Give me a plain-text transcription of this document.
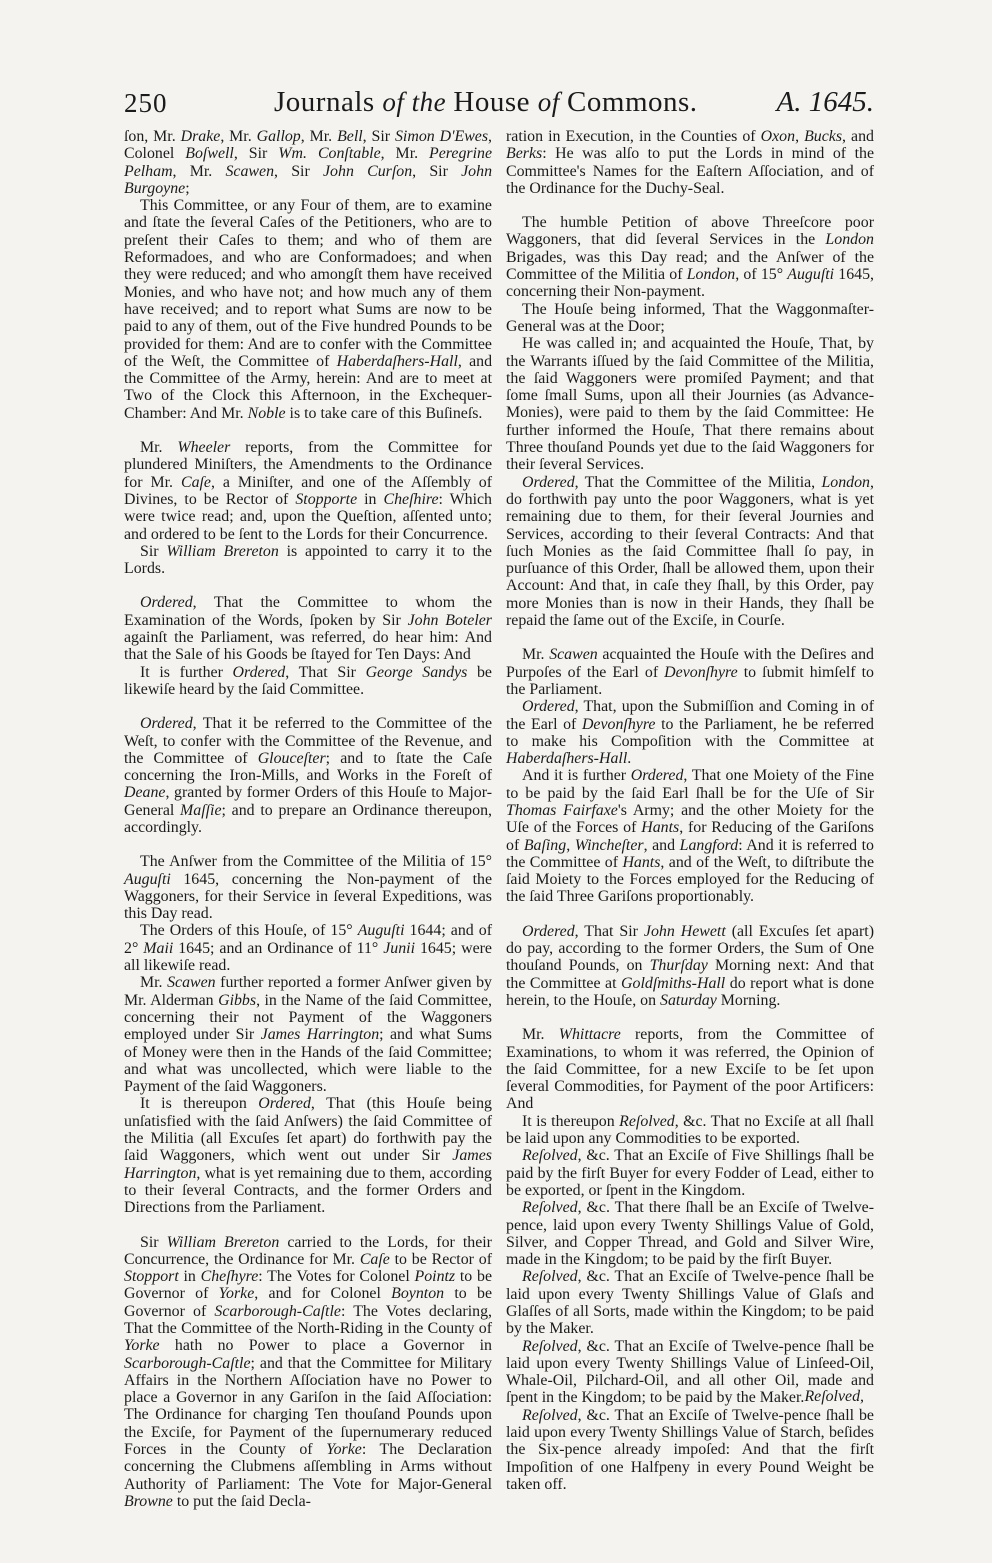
250	Journals of the House of Commons.	A. 1645.

ſon, Mr. Drake, Mr. Gallop, Mr. Bell, Sir Simon D'Ewes, Colonel Boſwell, Sir Wm. Conſtable, Mr. Peregrine Pelham, Mr. Scawen, Sir John Curſon, Sir John Burgoyne;

This Committee, or any Four of them, are to examine and ſtate the ſeveral Caſes of the Petitioners, who are to preſent their Caſes to them; and who of them are Reformadoes, and who are Conformadoes; and when they were reduced; and who amongſt them have received Monies, and who have not; and how much any of them have received; and to report what Sums are now to be paid to any of them, out of the Five hundred Pounds to be provided for them: And are to confer with the Committee of the Weſt, the Committee of Haberdaſhers-Hall, and the Committee of the Army, herein: And are to meet at Two of the Clock this Afternoon, in the Exchequer-Chamber: And Mr. Noble is to take care of this Buſineſs.

Mr. Wheeler reports, from the Committee for plundered Miniſters, the Amendments to the Ordinance for Mr. Caſe, a Miniſter, and one of the Aſſembly of Divines, to be Rector of Stopporte in Cheſhire: Which were twice read; and, upon the Queſtion, aſſented unto; and ordered to be ſent to the Lords for their Concurrence.

Sir William Brereton is appointed to carry it to the Lords.

Ordered, That the Committee to whom the Examination of the Words, ſpoken by Sir John Boteler againſt the Parliament, was referred, do hear him: And that the Sale of his Goods be ſtayed for Ten Days: And

It is further Ordered, That Sir George Sandys be likewiſe heard by the ſaid Committee.

Ordered, That it be referred to the Committee of the Weſt, to confer with the Committee of the Revenue, and the Committee of Glouceſter; and to ſtate the Caſe concerning the Iron-Mills, and Works in the Foreſt of Deane, granted by former Orders of this Houſe to Major-General Maſſie; and to prepare an Ordinance thereupon, accordingly.

The Anſwer from the Committee of the Militia of 15° Auguſti 1645, concerning the Non-payment of the Waggoners, for their Service in ſeveral Expeditions, was this Day read.

The Orders of this Houſe, of 15° Auguſti 1644; and of 2° Maii 1645; and an Ordinance of 11° Junii 1645; were all likewiſe read.

Mr. Scawen further reported a former Anſwer given by Mr. Alderman Gibbs, in the Name of the ſaid Committee, concerning their not Payment of the Waggoners employed under Sir James Harrington; and what Sums of Money were then in the Hands of the ſaid Committee; and what was uncollected, which were liable to the Payment of the ſaid Waggoners.

It is thereupon Ordered, That (this Houſe being unſatisfied with the ſaid Anſwers) the ſaid Committee of the Militia (all Excuſes ſet apart) do forthwith pay the ſaid Waggoners, which went out under Sir James Harrington, what is yet remaining due to them, according to their ſeveral Contracts, and the former Orders and Directions from the Parliament.

Sir William Brereton carried to the Lords, for their Concurrence, the Ordinance for Mr. Caſe to be Rector of Stopport in Cheſhyre: The Votes for Colonel Pointz to be Governor of Yorke, and for Colonel Boynton to be Governor of Scarborough-Caſtle: The Votes declaring, That the Committee of the North-Riding in the County of Yorke hath no Power to place a Governor in Scarborough-Caſtle; and that the Committee for Military Affairs in the Northern Aſſociation have no Power to place a Governor in any Gariſon in the ſaid Aſſociation: The Ordinance for charging Ten thouſand Pounds upon the Exciſe, for Payment of the ſupernumerary reduced Forces in the County of Yorke: The Declaration concerning the Clubmens aſſembling in Arms without Authority of Parliament: The Vote for Major-General Browne to put the ſaid Decla-

ration in Execution, in the Counties of Oxon, Bucks, and Berks: He was alſo to put the Lords in mind of the Committee's Names for the Eaſtern Aſſociation, and of the Ordinance for the Duchy-Seal.

The humble Petition of above Threeſcore poor Waggoners, that did ſeveral Services in the London Brigades, was this Day read; and the Anſwer of the Committee of the Militia of London, of 15° Auguſti 1645, concerning their Non-payment.

The Houſe being informed, That the Waggonmaſter-General was at the Door;

He was called in; and acquainted the Houſe, That, by the Warrants iſſued by the ſaid Committee of the Militia, the ſaid Waggoners were promiſed Payment; and that ſome ſmall Sums, upon all their Journies (as Advance-Monies), were paid to them by the ſaid Committee: He further informed the Houſe, That there remains about Three thouſand Pounds yet due to the ſaid Waggoners for their ſeveral Services.

Ordered, That the Committee of the Militia, London, do forthwith pay unto the poor Waggoners, what is yet remaining due to them, for their ſeveral Journies and Services, according to their ſeveral Contracts: And that ſuch Monies as the ſaid Committee ſhall ſo pay, in purſuance of this Order, ſhall be allowed them, upon their Account: And that, in caſe they ſhall, by this Order, pay more Monies than is now in their Hands, they ſhall be repaid the ſame out of the Exciſe, in Courſe.

Mr. Scawen acquainted the Houſe with the Deſires and Purpoſes of the Earl of Devonſhyre to ſubmit himſelf to the Parliament.

Ordered, That, upon the Submiſſion and Coming in of the Earl of Devonſhyre to the Parliament, he be referred to make his Compoſition with the Committee at Haberdaſhers-Hall.

And it is further Ordered, That one Moiety of the Fine to be paid by the ſaid Earl ſhall be for the Uſe of Sir Thomas Fairfaxe's Army; and the other Moiety for the Uſe of the Forces of Hants, for Reducing of the Gariſons of Baſing, Wincheſter, and Langford: And it is referred to the Committee of Hants, and of the Weſt, to diſtribute the ſaid Moiety to the Forces employed for the Reducing of the ſaid Three Gariſons proportionably.

Ordered, That Sir John Hewett (all Excuſes ſet apart) do pay, according to the former Orders, the Sum of One thouſand Pounds, on Thurſday Morning next: And that the Committee at Goldſmiths-Hall do report what is done herein, to the Houſe, on Saturday Morning.

Mr. Whittacre reports, from the Committee of Examinations, to whom it was referred, the Opinion of the ſaid Committee, for a new Exciſe to be ſet upon ſeveral Commodities, for Payment of the poor Artificers: And

It is thereupon Reſolved, &c. That no Exciſe at all ſhall be laid upon any Commodities to be exported.

Reſolved, &c. That an Exciſe of Five Shillings ſhall be paid by the firſt Buyer for every Fodder of Lead, either to be exported, or ſpent in the Kingdom.

Reſolved, &c. That there ſhall be an Exciſe of Twelve-pence, laid upon every Twenty Shillings Value of Gold, Silver, and Copper Thread, and Gold and Silver Wire, made in the Kingdom; to be paid by the firſt Buyer.

Reſolved, &c. That an Exciſe of Twelve-pence ſhall be laid upon every Twenty Shillings Value of Glaſs and Glaſſes of all Sorts, made within the Kingdom; to be paid by the Maker.

Reſolved, &c. That an Exciſe of Twelve-pence ſhall be laid upon every Twenty Shillings Value of Linſeed-Oil, Whale-Oil, Pilchard-Oil, and all other Oil, made and ſpent in the Kingdom; to be paid by the Maker.

Reſolved, &c. That an Exciſe of Twelve-pence ſhall be laid upon every Twenty Shillings Value of Starch, beſides the Six-pence already impoſed: And that the firſt Impoſition of one Halfpeny in every Pound Weight be taken off.

Reſolved,
